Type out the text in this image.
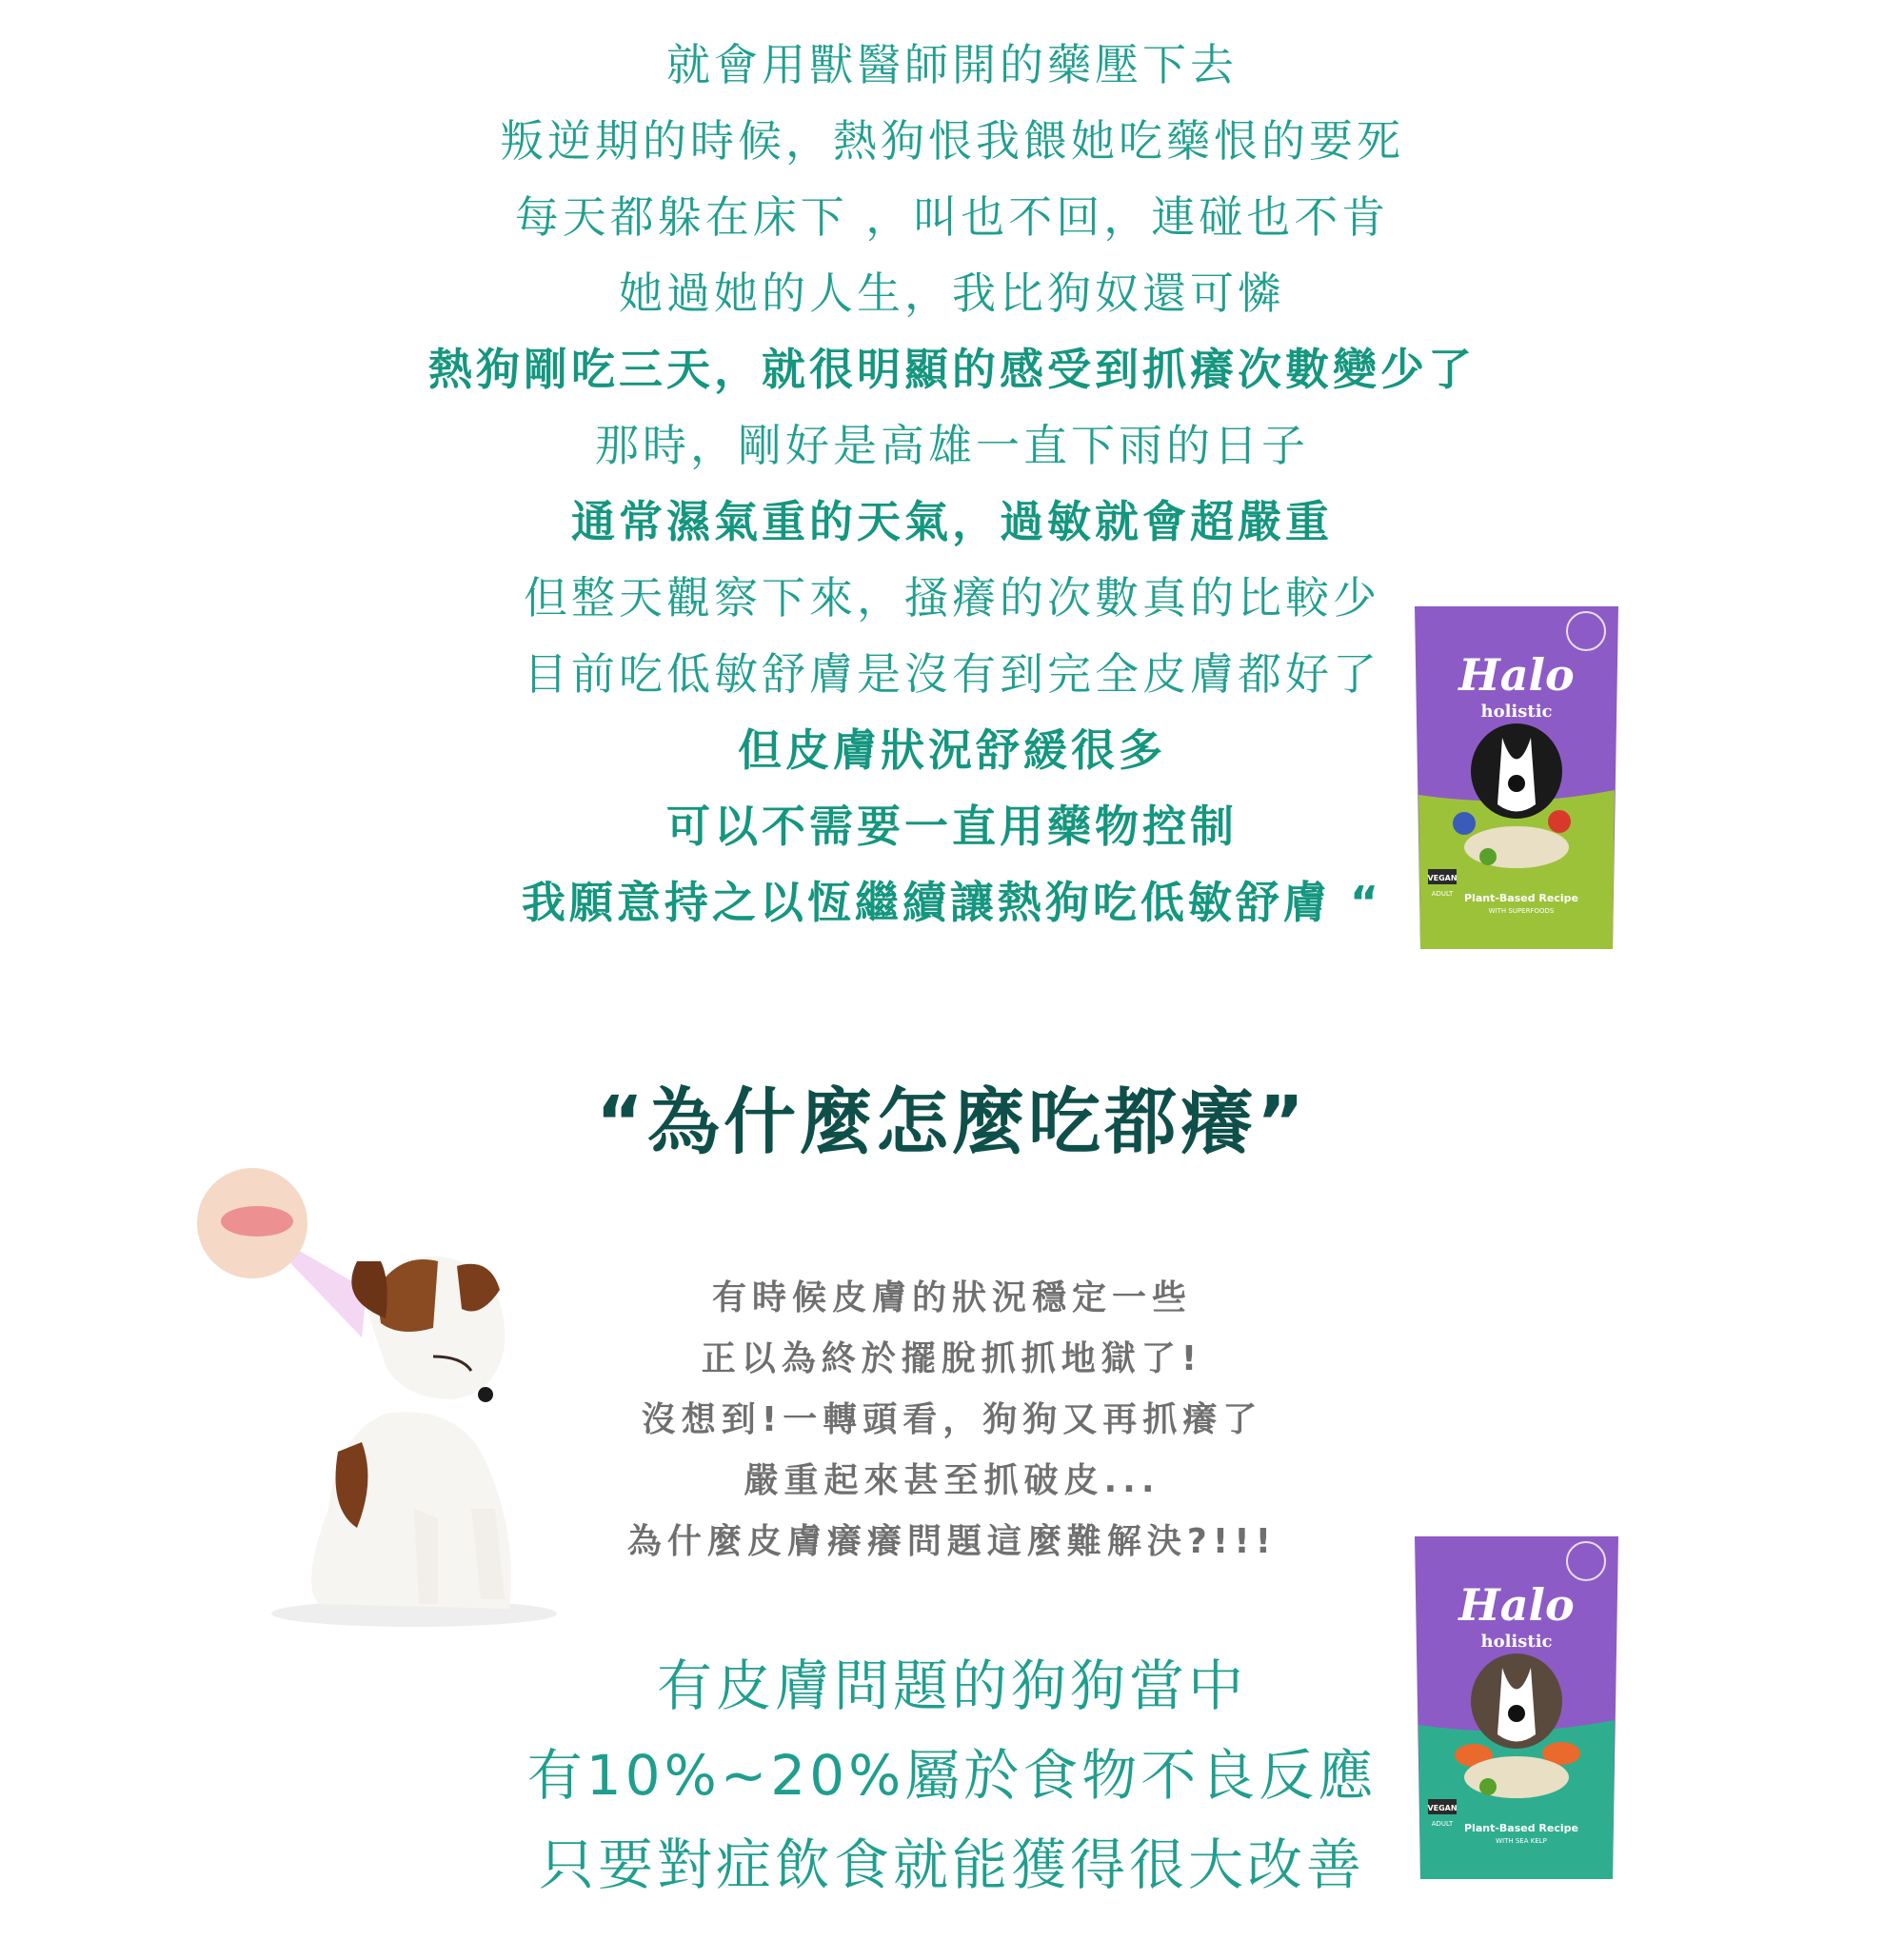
就會用獸醫師開的藥壓下去
叛逆期的時候，熱狗恨我餵她吃藥恨的要死
每天都躲在床下 ，叫也不回，連碰也不肯
她過她的人生，我比狗奴還可憐
熱狗剛吃三天，就很明顯的感受到抓癢次數變少了
那時，剛好是高雄一直下雨的日子
通常濕氣重的天氣，過敏就會超嚴重
但整天觀察下來，搔癢的次數真的比較少
目前吃低敏舒膚是沒有到完全皮膚都好了
但皮膚狀況舒緩很多
可以不需要一直用藥物控制
我願意持之以恆繼續讓熱狗吃低敏舒膚 “
Halo
holistic
VEGAN
ADULT Plant-Based Recipe
WITH SUPERFOODS
“為什麼怎麼吃都癢”
有時候皮膚的狀況穩定一些
正以為終於擺脫抓抓地獄了!
沒想到!一轉頭看，狗狗又再抓癢了
嚴重起來甚至抓破皮...
為什麼皮膚癢癢問題這麼難解決?!!!
有皮膚問題的狗狗當中
有10%~20%屬於食物不良反應
只要對症飲食就能獲得很大改善
Halo
holistic
VEGAN
ADULT Plant-Based Recipe
WITH SEA KELP
